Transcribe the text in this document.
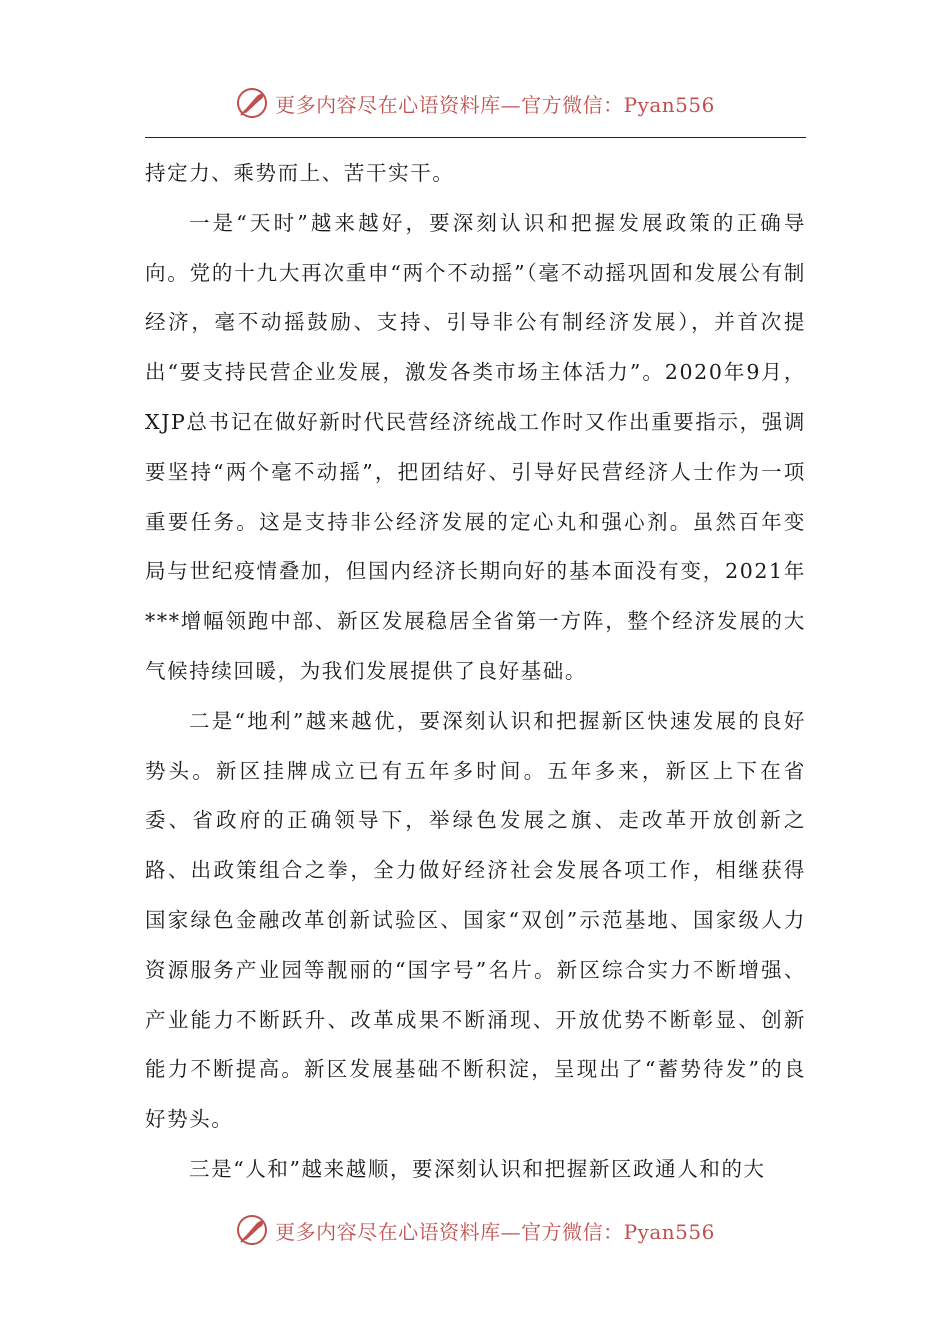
更多内容尽在心语资料库—官方微信：Pyan556

持定力、乘势而上、苦干实干。

一是“天时”越来越好，要深刻认识和把握发展政策的正确导向。党的十九大再次重申“两个不动摇”（毫不动摇巩固和发展公有制经济，毫不动摇鼓励、支持、引导非公有制经济发展），并首次提出“要支持民营企业发展，激发各类市场主体活力”。2020年9月，XJP总书记在做好新时代民营经济统战工作时又作出重要指示，强调要坚持“两个毫不动摇”，把团结好、引导好民营经济人士作为一项重要任务。这是支持非公经济发展的定心丸和强心剂。虽然百年变局与世纪疫情叠加，但国内经济长期向好的基本面没有变，2021年***增幅领跑中部、新区发展稳居全省第一方阵，整个经济发展的大气候持续回暖，为我们发展提供了良好基础。

二是“地利”越来越优，要深刻认识和把握新区快速发展的良好势头。新区挂牌成立已有五年多时间。五年多来，新区上下在省委、省政府的正确领导下，举绿色发展之旗、走改革开放创新之路、出政策组合之拳，全力做好经济社会发展各项工作，相继获得国家绿色金融改革创新试验区、国家“双创”示范基地、国家级人力资源服务产业园等靓丽的“国字号”名片。新区综合实力不断增强、产业能力不断跃升、改革成果不断涌现、开放优势不断彰显、创新能力不断提高。新区发展基础不断积淀，呈现出了“蓄势待发”的良好势头。

三是“人和”越来越顺，要深刻认识和把握新区政通人和的大

更多内容尽在心语资料库—官方微信：Pyan556
